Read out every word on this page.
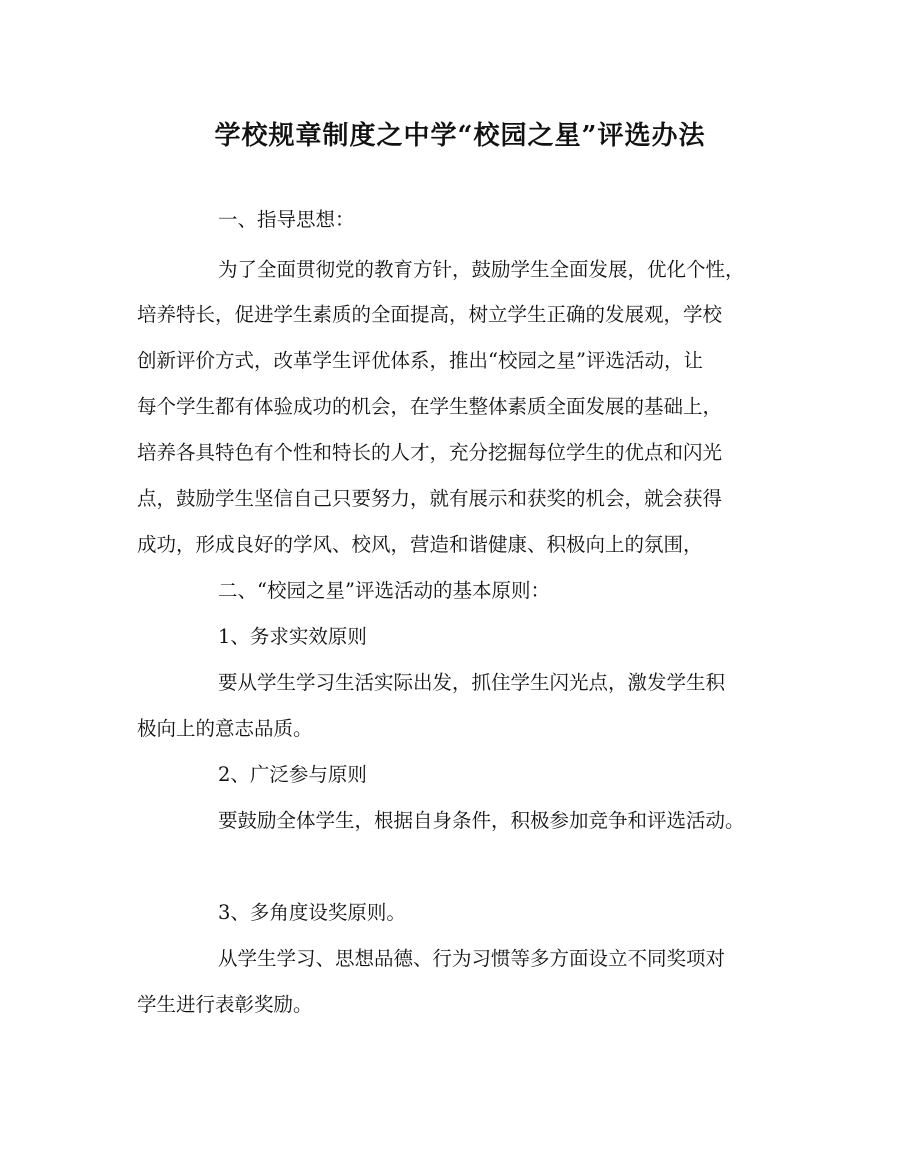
学校规章制度之中学“校园之星”评选办法
一、指导思想：
为了全面贯彻党的教育方针，鼓励学生全面发展，优化个性，
培养特长，促进学生素质的全面提高，树立学生正确的发展观，学校
创新评价方式，改革学生评优体系，推出“校园之星”评选活动，让
每个学生都有体验成功的机会，在学生整体素质全面发展的基础上，
培养各具特色有个性和特长的人才，充分挖掘每位学生的优点和闪光
点，鼓励学生坚信自己只要努力，就有展示和获奖的机会，就会获得
成功，形成良好的学风、校风，营造和谐健康、积极向上的氛围，
二、“校园之星”评选活动的基本原则：
1、务求实效原则
要从学生学习生活实际出发，抓住学生闪光点，激发学生积
极向上的意志品质。
2、广泛参与原则
要鼓励全体学生，根据自身条件，积极参加竞争和评选活动。
3、多角度设奖原则。
从学生学习、思想品德、行为习惯等多方面设立不同奖项对
学生进行表彰奖励。
